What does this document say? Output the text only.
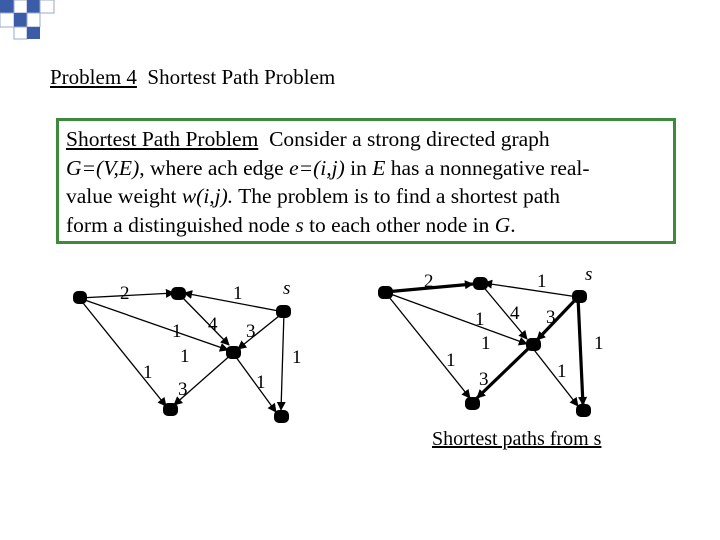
Problem 4 Shortest Path Problem
Shortest Path Problem Consider a strong directed graph
G=(V,E), where ach edge e=(i,j) in E has a nonnegative real-
value weight w(i,j). The problem is to find a shortest path
form a distinguished node s to each other node in G.
s
2	1
1 4 3
1
1
3
1	1
s
2	1
1 4 3
1
1
3
1
1
Shortest paths from s
